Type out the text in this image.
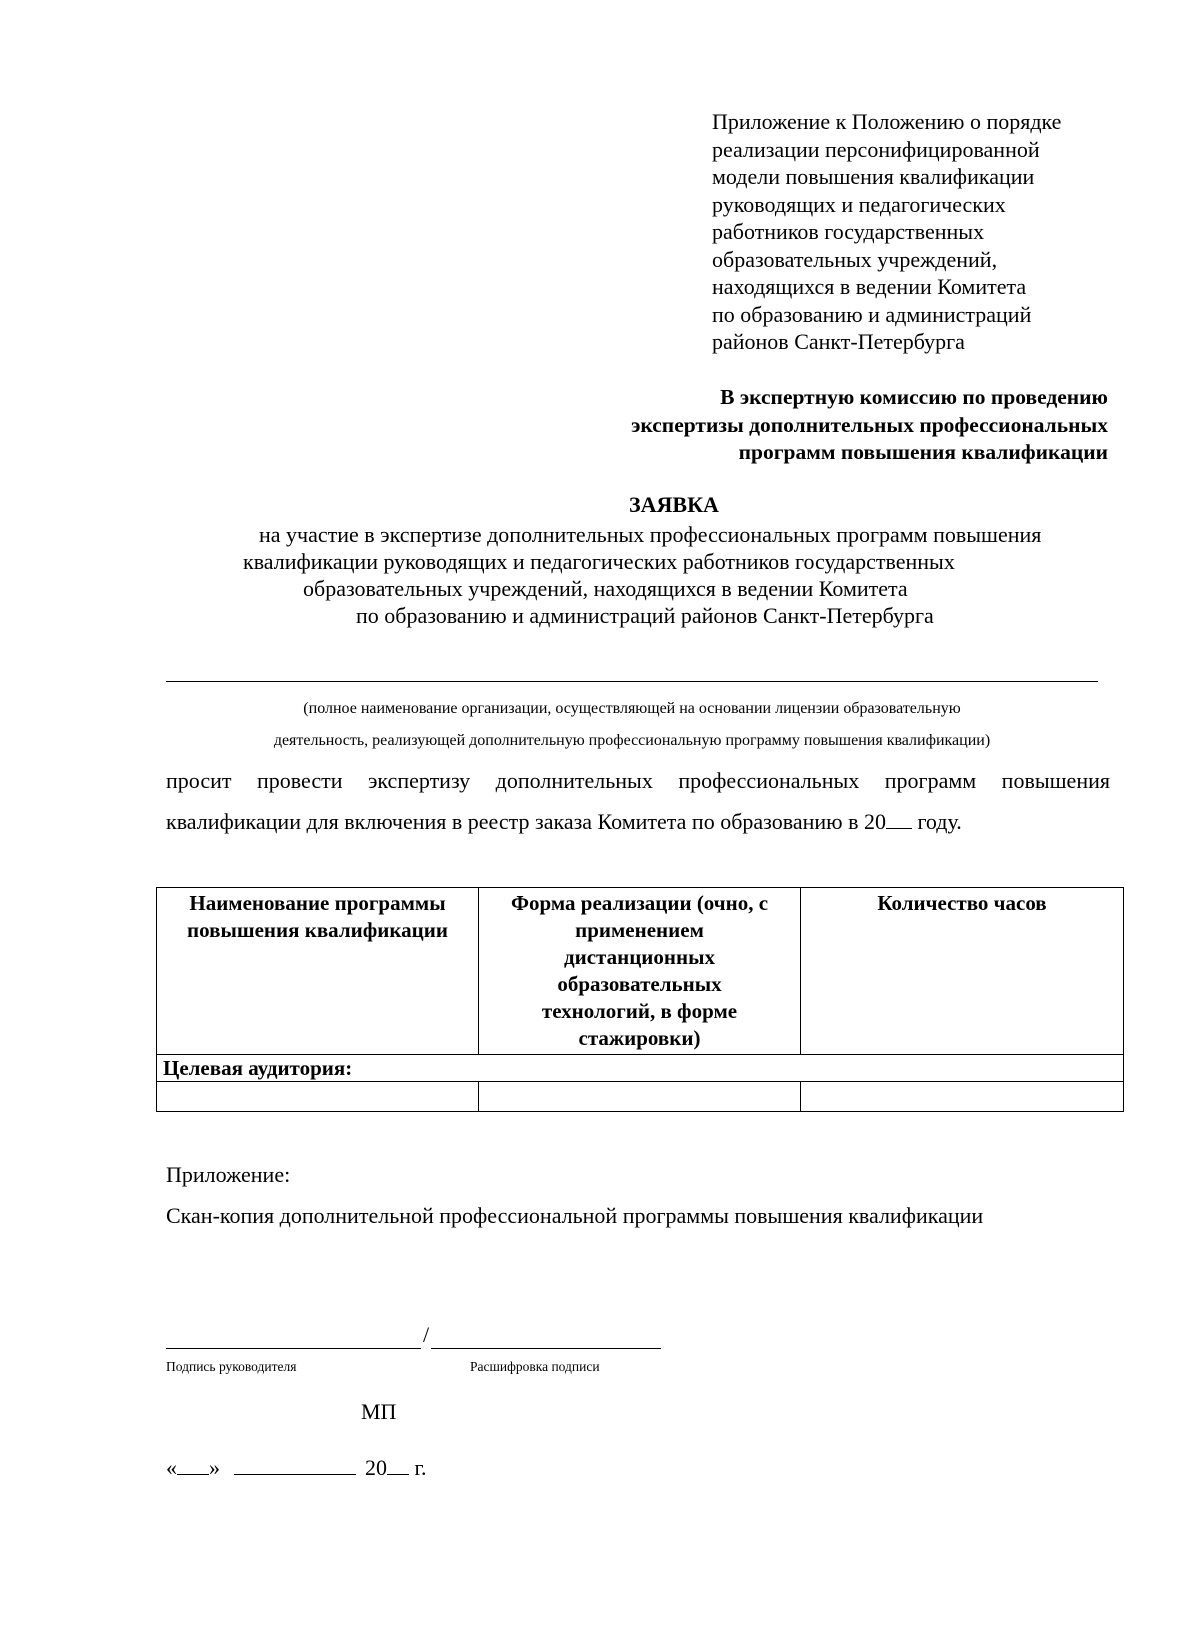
Приложение к Положению о порядке
реализации персонифицированной
модели повышения квалификации
руководящих и педагогических
работников государственных
образовательных учреждений,
находящихся в ведении Комитета
по образованию и администраций
районов Санкт-Петербурга
В экспертную комиссию по проведению
экспертизы дополнительных профессиональных
программ повышения квалификации
ЗАЯВКА
на участие в экспертизе дополнительных профессиональных программ повышения
квалификации руководящих и педагогических работников государственных
образовательных учреждений, находящихся в ведении Комитета
по образованию и администраций районов Санкт-Петербурга
(полное наименование организации, осуществляющей на основании лицензии образовательную
деятельность, реализующей дополнительную профессиональную программу повышения квалификации)
просит провести экспертизу дополнительных профессиональных программ повышения
квалификации для включения в реестр заказа Комитета по образованию в 20 году.
Наименование программы повышения квалификации	Форма реализации (очно, с применением дистанционных образовательных технологий, в форме стажировки)	Количество часов
Целевая аудитория:		

Приложение:
Скан-копия дополнительной профессиональной программы повышения квалификации
/
Подпись руководителя	Расшифровка подписи
МП
« »	20 г.
